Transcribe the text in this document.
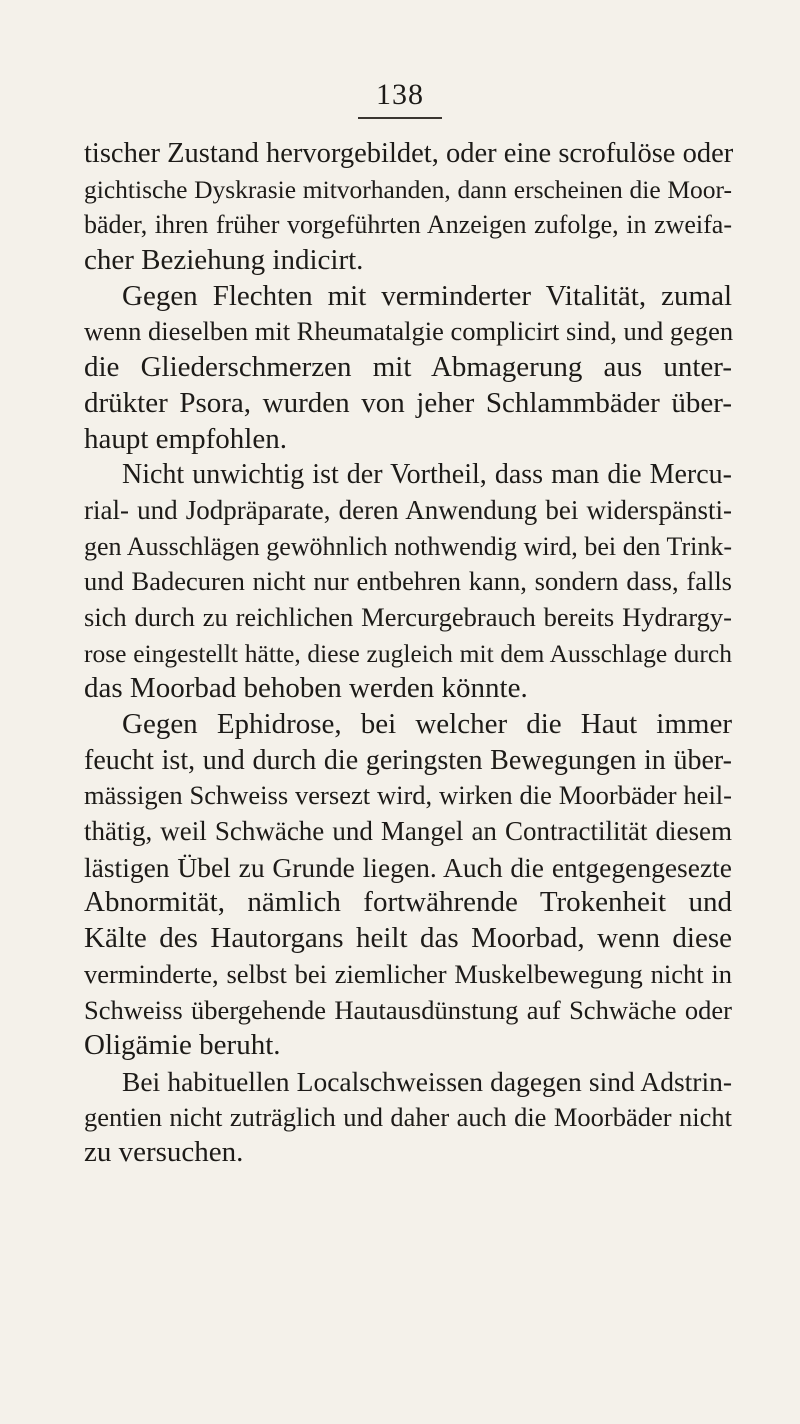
138
tischer Zustand hervorgebildet, oder eine scrofulöse oder
gichtische Dyskrasie mitvorhanden, dann erscheinen die Moor-
bäder, ihren früher vorgeführten Anzeigen zufolge, in zweifa-
cher Beziehung indicirt.
Gegen Flechten mit verminderter Vitalität, zumal
wenn dieselben mit Rheumatalgie complicirt sind, und gegen
die Gliederschmerzen mit Abmagerung aus unter-
drükter Psora, wurden von jeher Schlammbäder über-
haupt empfohlen.
Nicht unwichtig ist der Vortheil, dass man die Mercu-
rial- und Jodpräparate, deren Anwendung bei widerspänsti-
gen Ausschlägen gewöhnlich nothwendig wird, bei den Trink-
und Badecuren nicht nur entbehren kann, sondern dass, falls
sich durch zu reichlichen Mercurgebrauch bereits Hydrargy-
rose eingestellt hätte, diese zugleich mit dem Ausschlage durch
das Moorbad behoben werden könnte.
Gegen Ephidrose, bei welcher die Haut immer
feucht ist, und durch die geringsten Bewegungen in über-
mässigen Schweiss versezt wird, wirken die Moorbäder heil-
thätig, weil Schwäche und Mangel an Contractilität diesem
lästigen Übel zu Grunde liegen. Auch die entgegengesezte
Abnormität, nämlich fortwährende Trokenheit und
Kälte des Hautorgans heilt das Moorbad, wenn diese
verminderte, selbst bei ziemlicher Muskelbewegung nicht in
Schweiss übergehende Hautausdünstung auf Schwäche oder
Oligämie beruht.
Bei habituellen Localschweissen dagegen sind Adstrin-
gentien nicht zuträglich und daher auch die Moorbäder nicht
zu versuchen.
